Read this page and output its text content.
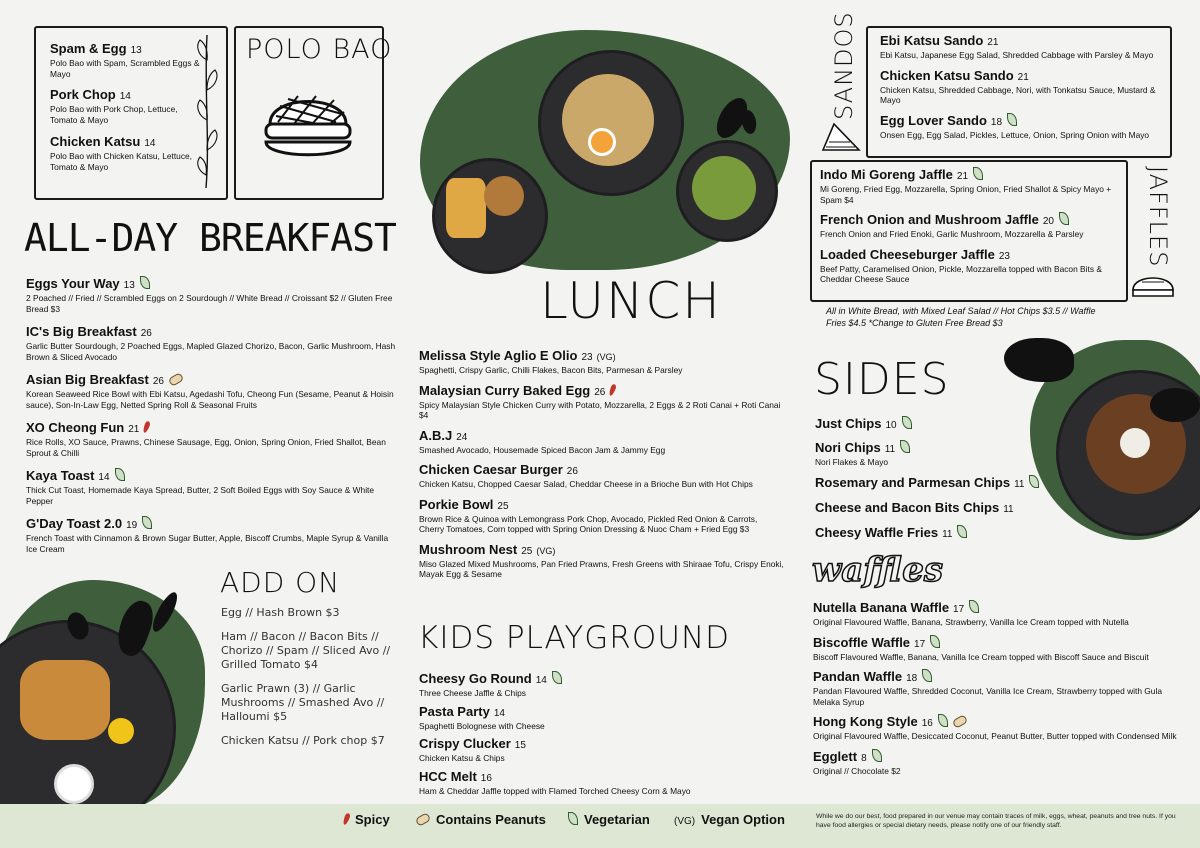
Spam & Egg 13
Polo Bao with Spam, Scrambled Eggs & Mayo
Pork Chop 14
Polo Bao with Pork Chop, Lettuce, Tomato & Mayo
Chicken Katsu 14
Polo Bao with Chicken Katsu, Lettuce, Tomato & Mayo
POLO BAO
ALL-DAY BREAKFAST
Eggs Your Way 13
2 Poached // Fried // Scrambled Eggs on 2 Sourdough // White Bread // Croissant $2 // Gluten Free Bread $3
IC's Big Breakfast 26
Garlic Butter Sourdough, 2 Poached Eggs, Mapled Glazed Chorizo, Bacon, Garlic Mushroom, Hash Brown & Sliced Avocado
Asian Big Breakfast 26
Korean Seaweed Rice Bowl with Ebi Katsu, Agedashi Tofu, Cheong Fun (Sesame, Peanut & Hoisin sauce), Son-In-Law Egg, Netted Spring Roll & Seasonal Fruits
XO Cheong Fun 21
Rice Rolls, XO Sauce, Prawns, Chinese Sausage, Egg, Onion, Spring Onion, Fried Shallot, Bean Sprout & Chilli
Kaya Toast 14
Thick Cut Toast, Homemade Kaya Spread, Butter, 2 Soft Boiled Eggs with Soy Sauce & White Pepper
G'Day Toast 2.0 19
French Toast with Cinnamon & Brown Sugar Butter, Apple, Biscoff Crumbs, Maple Syrup & Vanilla Ice Cream
ADD ON
Egg // Hash Brown $3
Ham // Bacon // Bacon Bits // Chorizo // Spam // Sliced Avo // Grilled Tomato $4
Garlic Prawn (3) // Garlic Mushrooms // Smashed Avo // Halloumi $5
Chicken Katsu // Pork chop $7
LUNCH
Melissa Style Aglio E Olio 23 (VG)
Spaghetti, Crispy Garlic, Chilli Flakes, Bacon Bits, Parmesan & Parsley
Malaysian Curry Baked Egg 26
Spicy Malaysian Style Chicken Curry with Potato, Mozzarella, 2 Eggs & 2 Roti Canai + Roti Canai $4
A.B.J 24
Smashed Avocado, Housemade Spiced Bacon Jam & Jammy Egg
Chicken Caesar Burger 26
Chicken Katsu, Chopped Caesar Salad, Cheddar Cheese in a Brioche Bun with Hot Chips
Porkie Bowl 25
Brown Rice & Quinoa with Lemongrass Pork Chop, Avocado, Pickled Red Onion & Carrots, Cherry Tomatoes, Corn topped with Spring Onion Dressing & Nuoc Cham + Fried Egg $3
Mushroom Nest 25 (VG)
Miso Glazed Mixed Mushrooms, Pan Fried Prawns, Fresh Greens with Shiraae Tofu, Crispy Enoki, Mayak Egg & Sesame
KIDS PLAYGROUND
Cheesy Go Round 14
Three Cheese Jaffle & Chips
Pasta Party 14
Spaghetti Bolognese with Cheese
Crispy Clucker 15
Chicken Katsu & Chips
HCC Melt 16
Ham & Cheddar Jaffle topped with Flamed Torched Cheesy Corn & Mayo
SANDOS Ebi Katsu Sando 21
Ebi Katsu, Japanese Egg Salad, Shredded Cabbage with Parsley & Mayo
Chicken Katsu Sando 21
Chicken Katsu, Shredded Cabbage, Nori, with Tonkatsu Sauce, Mustard & Mayo
Egg Lover Sando 18
Onsen Egg, Egg Salad, Pickles, Lettuce, Onion, Spring Onion with Mayo
Indo Mi Goreng Jaffle 21
Mi Goreng, Fried Egg, Mozzarella, Spring Onion, Fried Shallot & Spicy Mayo + Spam $4
French Onion and Mushroom Jaffle 20
French Onion and Fried Enoki, Garlic Mushroom, Mozzarella & Parsley
Loaded Cheeseburger Jaffle 23
Beef Patty, Caramelised Onion, Pickle, Mozzarella topped with Bacon Bits & Cheddar Cheese Sauce
JAFFLES
All in White Bread, with Mixed Leaf Salad // Hot Chips $3.5 // Waffle Fries $4.5 *Change to Gluten Free Bread $3
SIDES
Just Chips 10
Nori Chips 11
Nori Flakes & Mayo
Rosemary and Parmesan Chips 11
Cheese and Bacon Bits Chips 11
Cheesy Waffle Fries 11
waffles
Nutella Banana Waffle 17
Original Flavoured Waffle, Banana, Strawberry, Vanilla Ice Cream topped with Nutella
Biscoffle Waffle 17
Biscoff Flavoured Waffle, Banana, Vanilla Ice Cream topped with Biscoff Sauce and Biscuit
Pandan Waffle 18
Pandan Flavoured Waffle, Shredded Coconut, Vanilla Ice Cream, Strawberry topped with Gula Melaka Syrup
Hong Kong Style 16
Original Flavoured Waffle, Desiccated Coconut, Peanut Butter, Butter topped with Condensed Milk
Egglett 8
Original // Chocolate $2
Spicy	Contains Peanuts	Vegetarian (VG) Vegan Option	While we do our best, food prepared in our venue may contain traces of milk, eggs, wheat, peanuts and tree nuts. If you have food allergies or special dietary needs, please notify one of our friendly staff.
